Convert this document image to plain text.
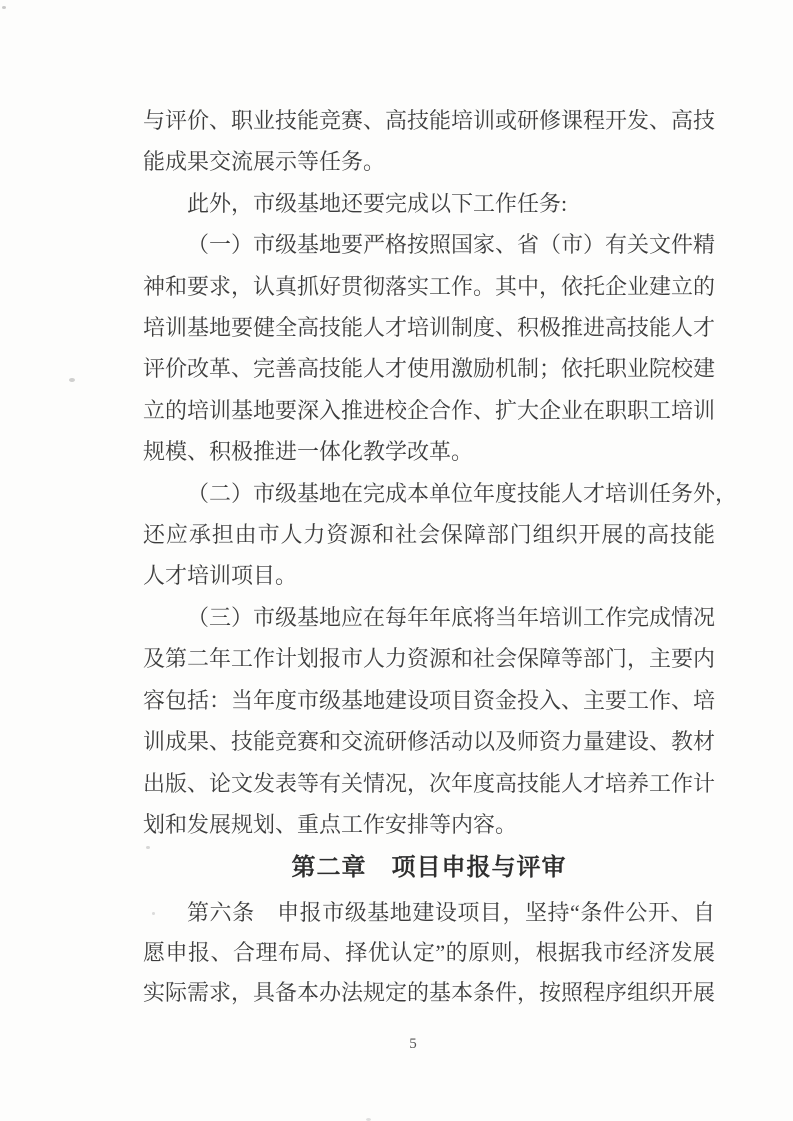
与评价、职业技能竞赛、高技能培训或研修课程开发、高技
能成果交流展示等任务。
此外，市级基地还要完成以下工作任务:
（一）市级基地要严格按照国家、省（市）有关文件精
神和要求，认真抓好贯彻落实工作。其中，依托企业建立的
培训基地要健全高技能人才培训制度、积极推进高技能人才
评价改革、完善高技能人才使用激励机制；依托职业院校建
立的培训基地要深入推进校企合作、扩大企业在职职工培训
规模、积极推进一体化教学改革。
（二）市级基地在完成本单位年度技能人才培训任务外，
还应承担由市人力资源和社会保障部门组织开展的高技能
人才培训项目。
（三）市级基地应在每年年底将当年培训工作完成情况
及第二年工作计划报市人力资源和社会保障等部门，主要内
容包括：当年度市级基地建设项目资金投入、主要工作、培
训成果、技能竞赛和交流研修活动以及师资力量建设、教材
出版、论文发表等有关情况，次年度高技能人才培养工作计
划和发展规划、重点工作安排等内容。
第二章　项目申报与评审
第六条　申报市级基地建设项目，坚持“条件公开、自
愿申报、合理布局、择优认定”的原则，根据我市经济发展
实际需求，具备本办法规定的基本条件，按照程序组织开展
5
